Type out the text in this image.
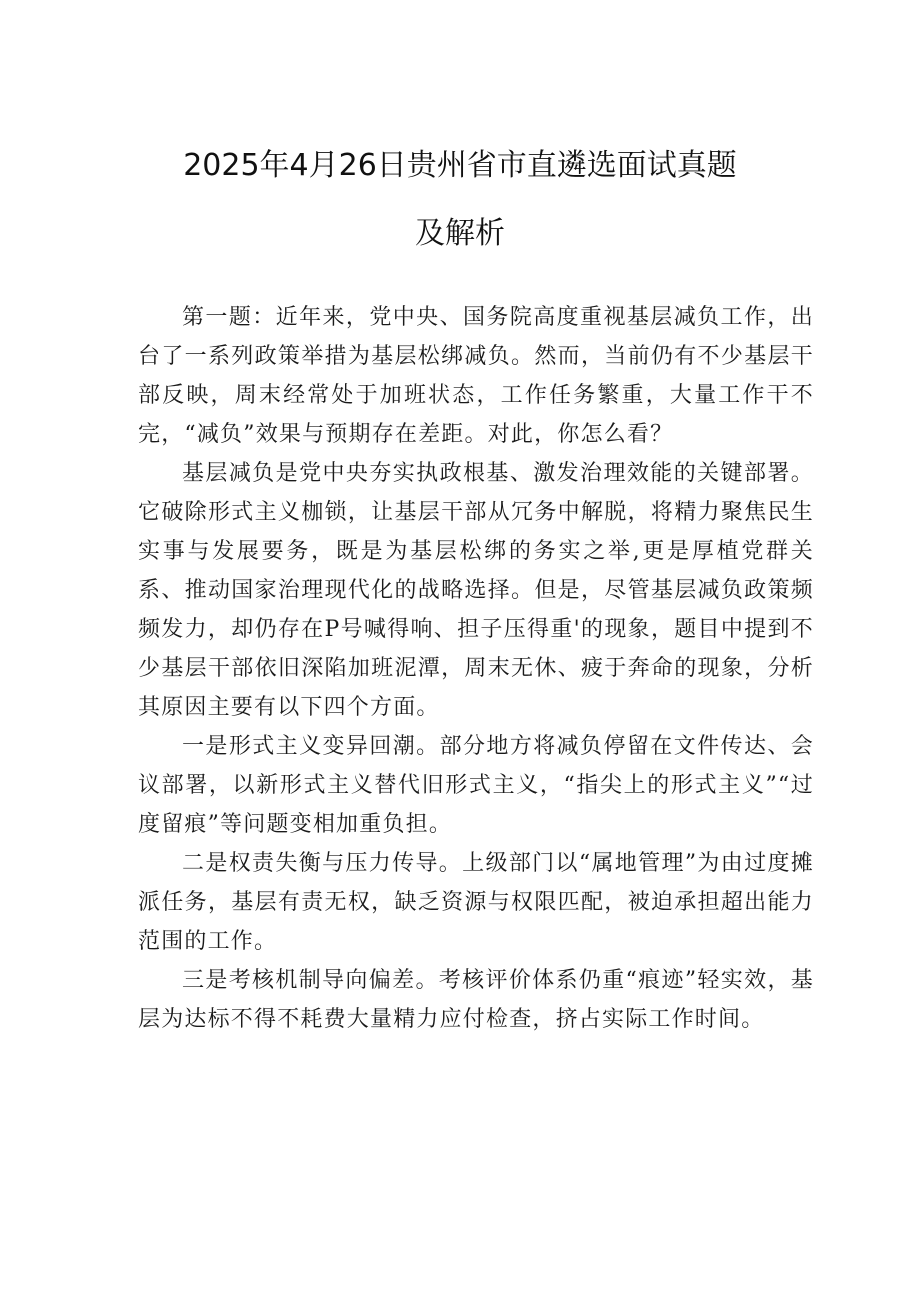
2025年4月26日贵州省市直遴选面试真题
及解析

第一题：近年来，党中央、国务院高度重视基层减负工作，出台了一系列政策举措为基层松绑减负。然而，当前仍有不少基层干部反映，周末经常处于加班状态，工作任务繁重，大量工作干不完，“减负”效果与预期存在差距。对此，你怎么看？

基层减负是党中央夯实执政根基、激发治理效能的关键部署。它破除形式主义枷锁，让基层干部从冗务中解脱，将精力聚焦民生实事与发展要务，既是为基层松绑的务实之举,更是厚植党群关系、推动国家治理现代化的战略选择。但是，尽管基层减负政策频频发力，却仍存在P号喊得响、担子压得重'的现象，题目中提到不少基层干部依旧深陷加班泥潭，周末无休、疲于奔命的现象，分析其原因主要有以下四个方面。

一是形式主义变异回潮。部分地方将减负停留在文件传达、会议部署，以新形式主义替代旧形式主义，“指尖上的形式主义”“过度留痕”等问题变相加重负担。

二是权责失衡与压力传导。上级部门以“属地管理”为由过度摊派任务，基层有责无权，缺乏资源与权限匹配，被迫承担超出能力范围的工作。

三是考核机制导向偏差。考核评价体系仍重“痕迹”轻实效，基层为达标不得不耗费大量精力应付检查，挤占实际工作时间。
